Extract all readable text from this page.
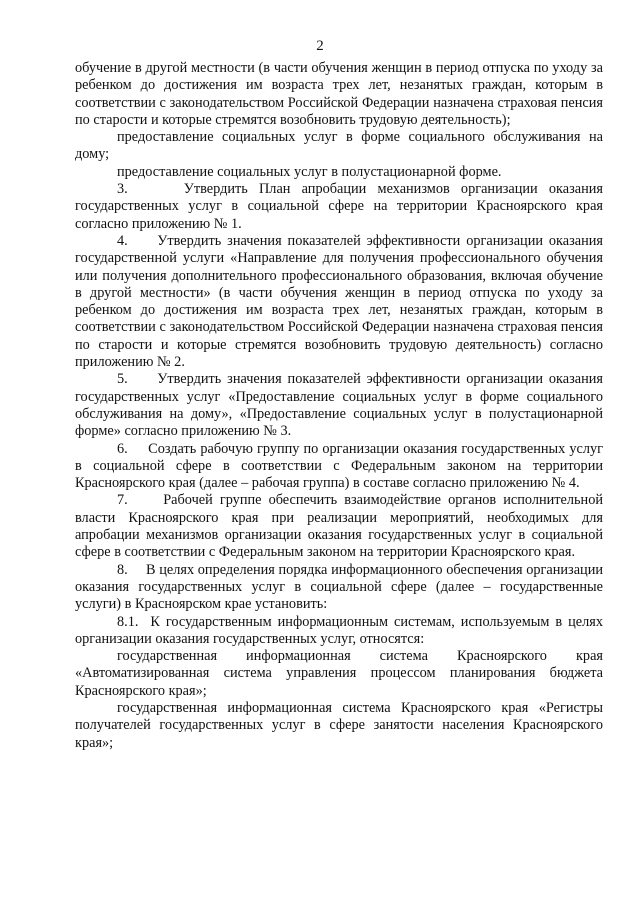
2

обучение в другой местности (в части обучения женщин в период отпуска по уходу за ребенком до достижения им возраста трех лет, незанятых граждан, которым в соответствии с законодательством Российской Федерации назначена страховая пенсия по старости и которые стремятся возобновить трудовую деятельность);

предоставление социальных услуг в форме социального обслуживания на дому;

предоставление социальных услуг в полустационарной форме.

3.     Утвердить План апробации механизмов организации оказания государственных услуг в социальной сфере на территории Красноярского края согласно приложению № 1.

4.     Утвердить значения показателей эффективности организации оказания государственной услуги «Направление для получения профессионального обучения или получения дополнительного профессионального образования, включая обучение в другой местности» (в части обучения женщин в период отпуска по уходу за ребенком до достижения им возраста трех лет, незанятых граждан, которым в соответствии с законодательством Российской Федерации назначена страховая пенсия по старости и которые стремятся возобновить трудовую деятельность) согласно приложению № 2.

5.     Утвердить значения показателей эффективности организации оказания государственных услуг «Предоставление социальных услуг в форме социального обслуживания на дому», «Предоставление социальных услуг в полустационарной форме» согласно приложению № 3.

6.     Создать рабочую группу по организации оказания государственных услуг в социальной сфере в соответствии с Федеральным законом на территории Красноярского края (далее – рабочая группа) в составе согласно приложению № 4.

7.     Рабочей группе обеспечить взаимодействие органов исполнительной власти Красноярского края при реализации мероприятий, необходимых для апробации механизмов организации оказания государственных услуг в социальной сфере в соответствии с Федеральным законом на территории Красноярского края.

8.     В целях определения порядка информационного обеспечения организации оказания государственных услуг в социальной сфере (далее – государственные услуги) в Красноярском крае установить:

8.1.  К государственным информационным системам, используемым в целях организации оказания государственных услуг, относятся:

государственная информационная система Красноярского края «Автоматизированная система управления процессом планирования бюджета Красноярского края»;

государственная информационная система Красноярского края «Регистры получателей государственных услуг в сфере занятости населения Красноярского края»;
